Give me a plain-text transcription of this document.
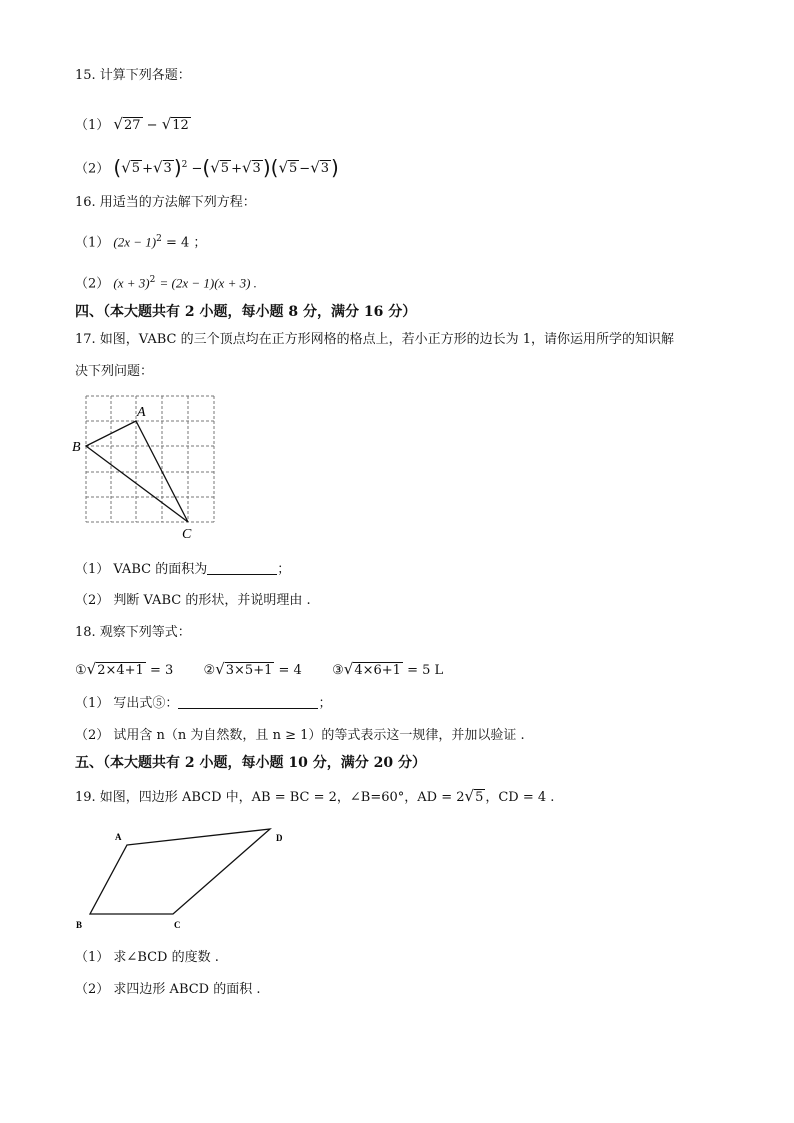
15. 计算下列各题：
（1） √27 − √12
（2） (√5 +√3 )$^2$ −(√5 +√3 )(√5 −√3 )
16. 用适当的方法解下列方程：
（1） $(2x - 1)^2 = 4$ ；
（2） $(x + 3)^2 = (2x - 1)(x + 3)$ .
四、（本大题共有 2 小题，每小题 8 分，满分 16 分）
17. 如图，VABC 的三个顶点均在正方形网格的格点上，若小正方形的边长为 1，请你运用所学的知识解
决下列问题：
A
B
C
（1） VABC 的面积为	；
（2） 判断 VABC 的形状，并说明理由 .
18. 观察下列等式：
①√2×4+1 = 3 ②√3×5+1 = 4 ③√4×6+1 = 5 L
（1） 写出式⑤：	；
（2） 试用含 n（n 为自然数，且 n ≥ 1）的等式表示这一规律，并加以验证 .
五、（本大题共有 2 小题，每小题 10 分，满分 20 分）
19. 如图，四边形 ABCD 中，AB = BC = 2，∠B=60°，AD = 2√5 ，CD = 4 .
A
B	C
D
（1） 求∠BCD 的度数 .
（2） 求四边形 ABCD 的面积 .
